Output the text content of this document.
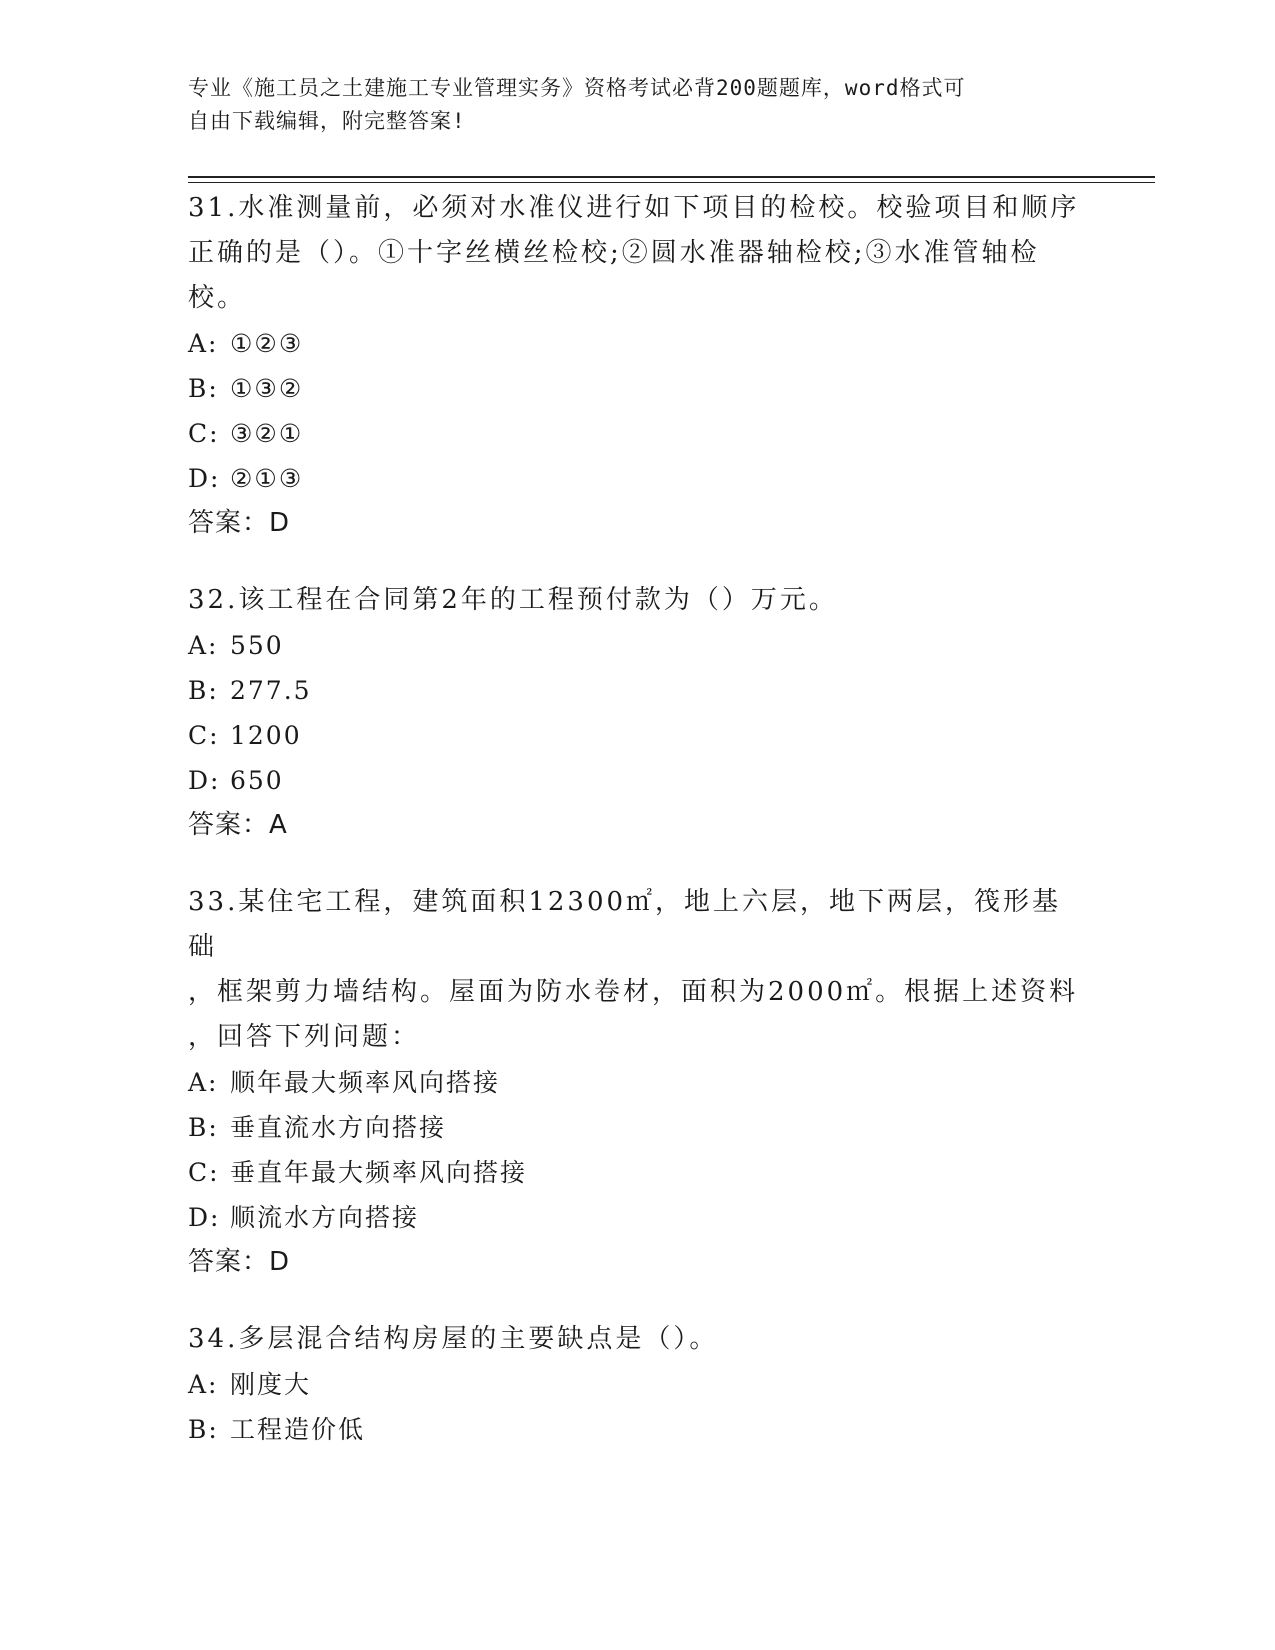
专业《施工员之土建施工专业管理实务》资格考试必背200题题库，word格式可
自由下载编辑，附完整答案!

31.水准测量前，必须对水准仪进行如下项目的检校。校验项目和顺序

正确的是（）。①十字丝横丝检校;②圆水准器轴检校;③水准管轴检

校。

A: ①②③

B: ①③②

C: ③②①

D: ②①③

答案：D

32.该工程在合同第2年的工程预付款为（）万元。

A: 550

B: 277.5

C: 1200

D: 650

答案：A

33.某住宅工程，建筑面积12300㎡，地上六层，地下两层，筏形基础

，框架剪力墙结构。屋面为防水卷材，面积为2000㎡。根据上述资料

，回答下列问题：

A: 顺年最大频率风向搭接

B: 垂直流水方向搭接

C: 垂直年最大频率风向搭接

D: 顺流水方向搭接

答案：D

34.多层混合结构房屋的主要缺点是（）。

A: 刚度大

B: 工程造价低
